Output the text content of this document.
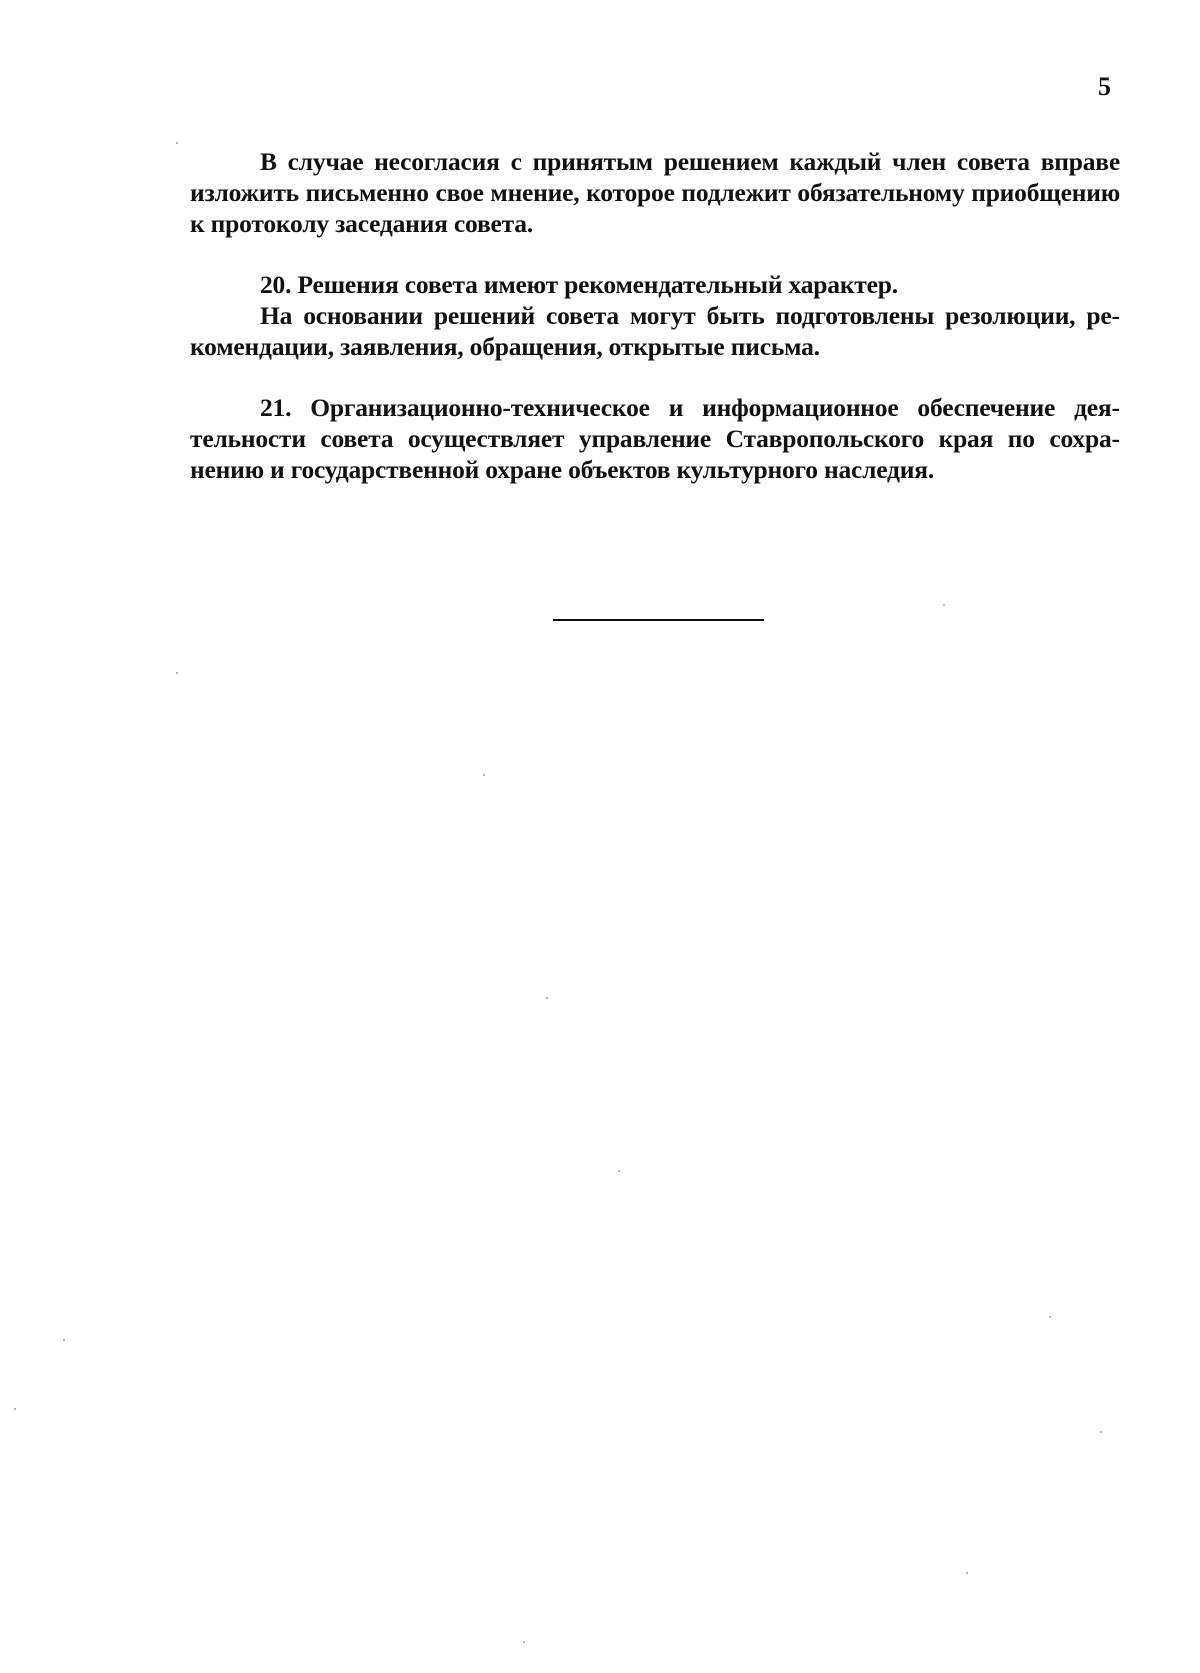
5

В случае несогласия с принятым решением каждый член совета вправе изложить письменно свое мнение, которое подлежит обязательному приобщению к протоколу заседания совета.

20. Решения совета имеют рекомендательный характер.

На основании решений совета могут быть подготовлены резолюции, рекомендации, заявления, обращения, открытые письма.

21. Организационно-техническое и информационное обеспечение деятельности совета осуществляет управление Ставропольского края по сохранению и государственной охране объектов культурного наследия.
